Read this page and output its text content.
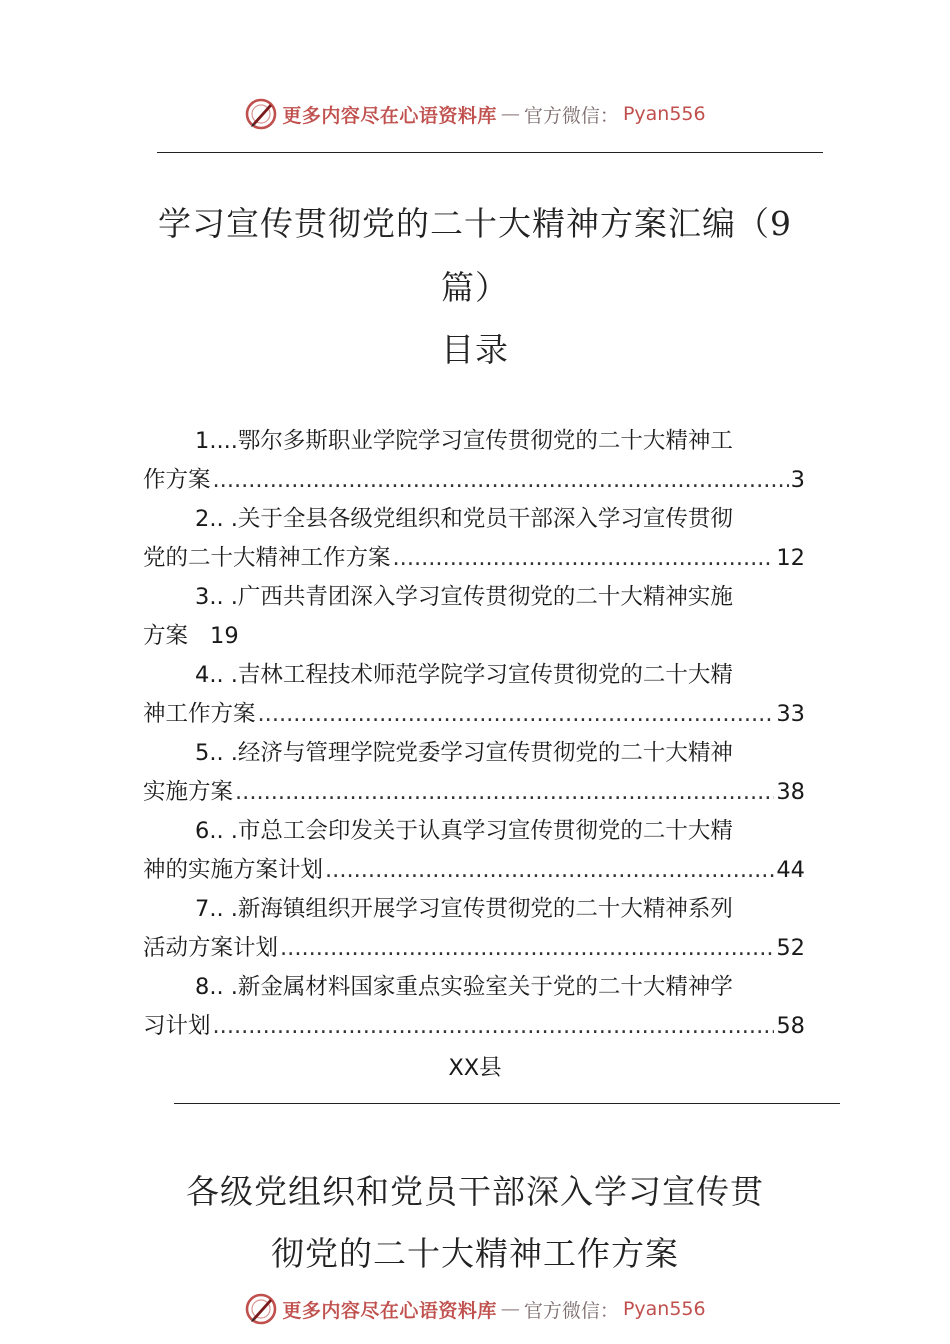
更多内容尽在心语资料库 — 官方微信： Pyan556
学习宣传贯彻党的二十大精神方案汇编（9
篇）
目录
1....鄂尔多斯职业学院学习宣传贯彻党的二十大精神工
作方案 .....	3
2.. .关于全县各级党组织和党员干部深入学习宣传贯彻
党的二十大精神工作方案 .....	12
3.. .广西共青团深入学习宣传贯彻党的二十大精神实施
方案 19
4.. .吉林工程技术师范学院学习宣传贯彻党的二十大精
神工作方案 .....	33
5.. .经济与管理学院党委学习宣传贯彻党的二十大精神
实施方案 .....	38
6.. .市总工会印发关于认真学习宣传贯彻党的二十大精
神的实施方案计划 .....	44
7.. .新海镇组织开展学习宣传贯彻党的二十大精神系列
活动方案计划 .....	52
8.. .新金属材料国家重点实验室关于党的二十大精神学
习计划 .....	58
XX县
各级党组织和党员干部深入学习宣传贯
彻党的二十大精神工作方案
更多内容尽在心语资料库 — 官方微信： Pyan556
